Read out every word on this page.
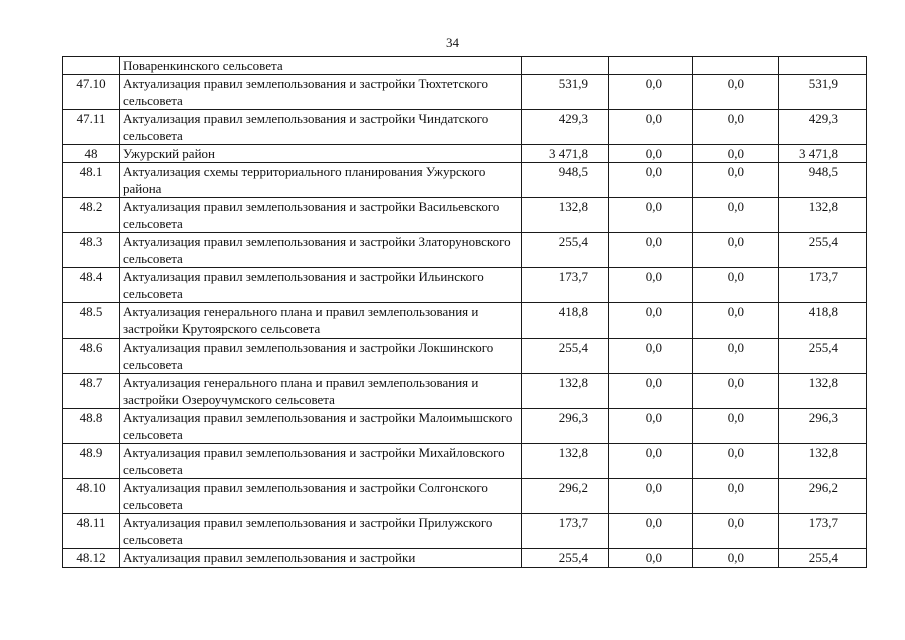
34
	Поваренкинского сельсовета				
47.10	Актуализация правил землепользования и застройки Тюхтетского сельсовета	531,9	0,0	0,0	531,9
47.11	Актуализация правил землепользования и застройки Чиндатского сельсовета	429,3	0,0	0,0	429,3
48	Ужурский район	3 471,8	0,0	0,0	3 471,8
48.1	Актуализация схемы территориального планирования Ужурского района	948,5	0,0	0,0	948,5
48.2	Актуализация правил землепользования и застройки Васильевского сельсовета	132,8	0,0	0,0	132,8
48.3	Актуализация правил землепользования и застройки Златоруновского сельсовета	255,4	0,0	0,0	255,4
48.4	Актуализация правил землепользования и застройки Ильинского сельсовета	173,7	0,0	0,0	173,7
48.5	Актуализация генерального плана и правил землепользования и застройки Крутоярского сельсовета	418,8	0,0	0,0	418,8
48.6	Актуализация правил землепользования и застройки Локшинского сельсовета	255,4	0,0	0,0	255,4
48.7	Актуализация генерального плана и правил землепользования и застройки Озероучумского сельсовета	132,8	0,0	0,0	132,8
48.8	Актуализация правил землепользования и застройки Малоимышского сельсовета	296,3	0,0	0,0	296,3
48.9	Актуализация правил землепользования и застройки Михайловского сельсовета	132,8	0,0	0,0	132,8
48.10	Актуализация правил землепользования и застройки Солгонского сельсовета	296,2	0,0	0,0	296,2
48.11	Актуализация правил землепользования и застройки Прилужского сельсовета	173,7	0,0	0,0	173,7
48.12	Актуализация правил землепользования и застройки	255,4	0,0	0,0	255,4
